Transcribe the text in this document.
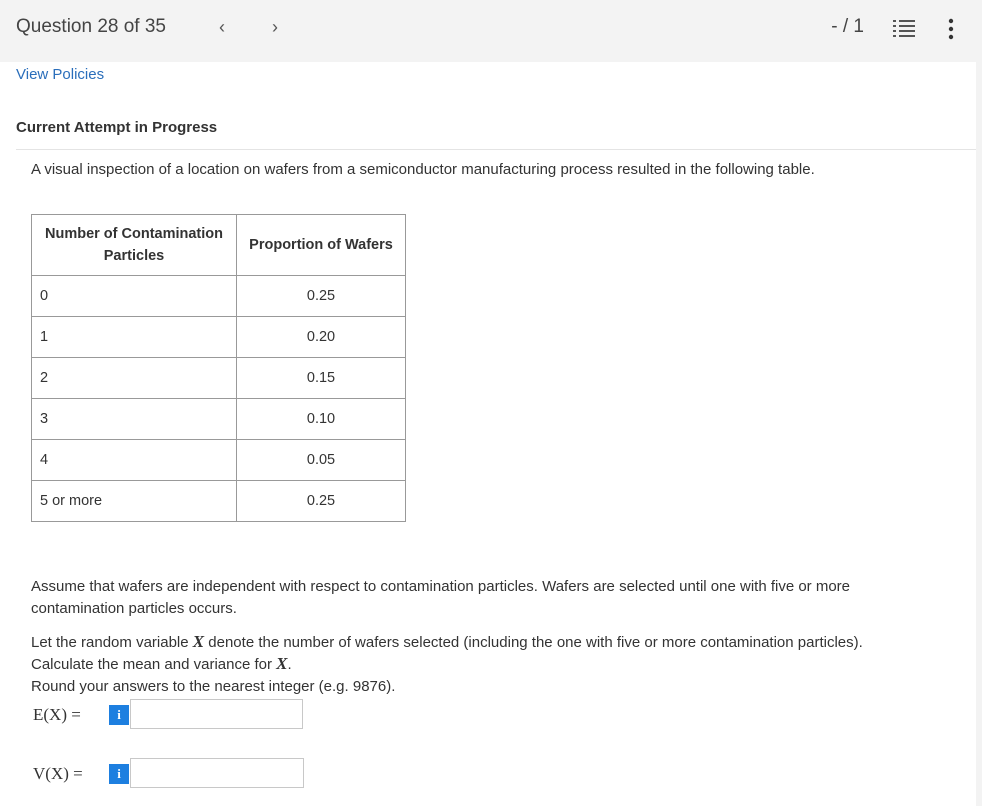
Question 28 of 35	‹	›	- / 1
View Policies
Current Attempt in Progress
A visual inspection of a location on wafers from a semiconductor manufacturing process resulted in the following table.
Number of Contamination Particles	Proportion of Wafers
0	0.25
1	0.20
2	0.15
3	0.10
4	0.05
5 or more	0.25
Assume that wafers are independent with respect to contamination particles. Wafers are selected until one with five or more contamination particles occurs.
Let the random variable X denote the number of wafers selected (including the one with five or more contamination particles).
Calculate the mean and variance for X.
Round your answers to the nearest integer (e.g. 9876).
E(X) =	i
V(X) =	i
